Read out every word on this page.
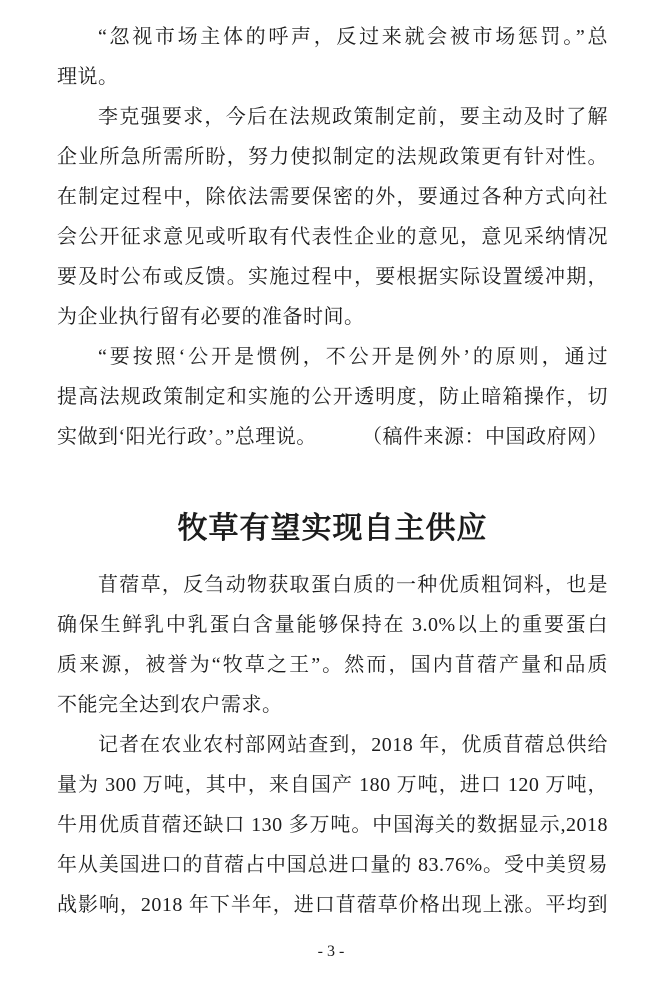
“忽视市场主体的呼声，反过来就会被市场惩罚。”总
理说。
李克强要求，今后在法规政策制定前，要主动及时了解
企业所急所需所盼，努力使拟制定的法规政策更有针对性。
在制定过程中，除依法需要保密的外，要通过各种方式向社
会公开征求意见或听取有代表性企业的意见，意见采纳情况
要及时公布或反馈。实施过程中，要根据实际设置缓冲期，
为企业执行留有必要的准备时间。
“要按照‘公开是惯例，不公开是例外’的原则，通过
提高法规政策制定和实施的公开透明度，防止暗箱操作，切
实做到‘阳光行政’。”总理说。 （稿件来源：中国政府网）
牧草有望实现自主供应
苜蓿草，反刍动物获取蛋白质的一种优质粗饲料，也是
确保生鲜乳中乳蛋白含量能够保持在 3.0%以上的重要蛋白
质来源，被誉为“牧草之王”。然而，国内苜蓿产量和品质
不能完全达到农户需求。
记者在农业农村部网站查到，2018 年，优质苜蓿总供给
量为 300 万吨，其中，来自国产 180 万吨，进口 120 万吨，
牛用优质苜蓿还缺口 130 多万吨。中国海关的数据显示,2018
年从美国进口的苜蓿占中国总进口量的 83.76%。受中美贸易
战影响，2018 年下半年，进口苜蓿草价格出现上涨。平均到
- 3 -
